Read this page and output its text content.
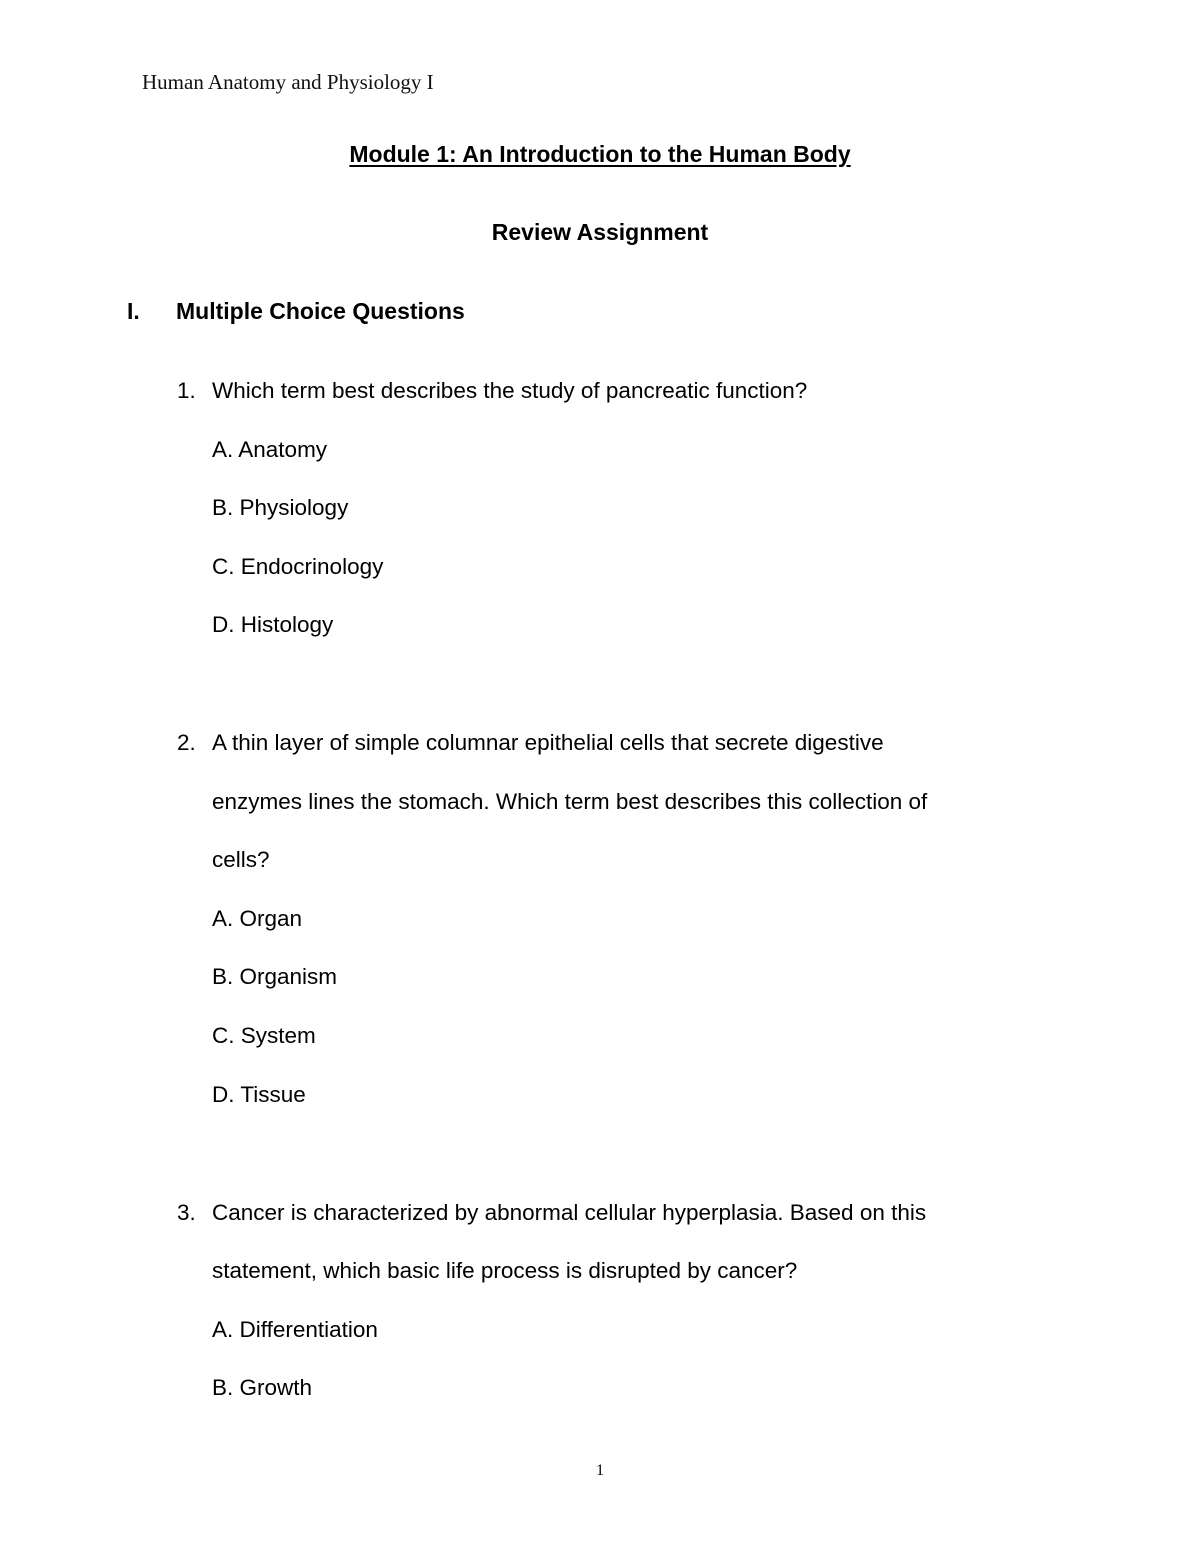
Human Anatomy and Physiology I
Module 1: An Introduction to the Human Body
Review Assignment
I. Multiple Choice Questions
1. Which term best describes the study of pancreatic function?
A. Anatomy
B. Physiology
C. Endocrinology
D. Histology
2. A thin layer of simple columnar epithelial cells that secrete digestive
enzymes lines the stomach. Which term best describes this collection of
cells?
A. Organ
B. Organism
C. System
D. Tissue
3. Cancer is characterized by abnormal cellular hyperplasia. Based on this
statement, which basic life process is disrupted by cancer?
A. Differentiation
B. Growth
1
